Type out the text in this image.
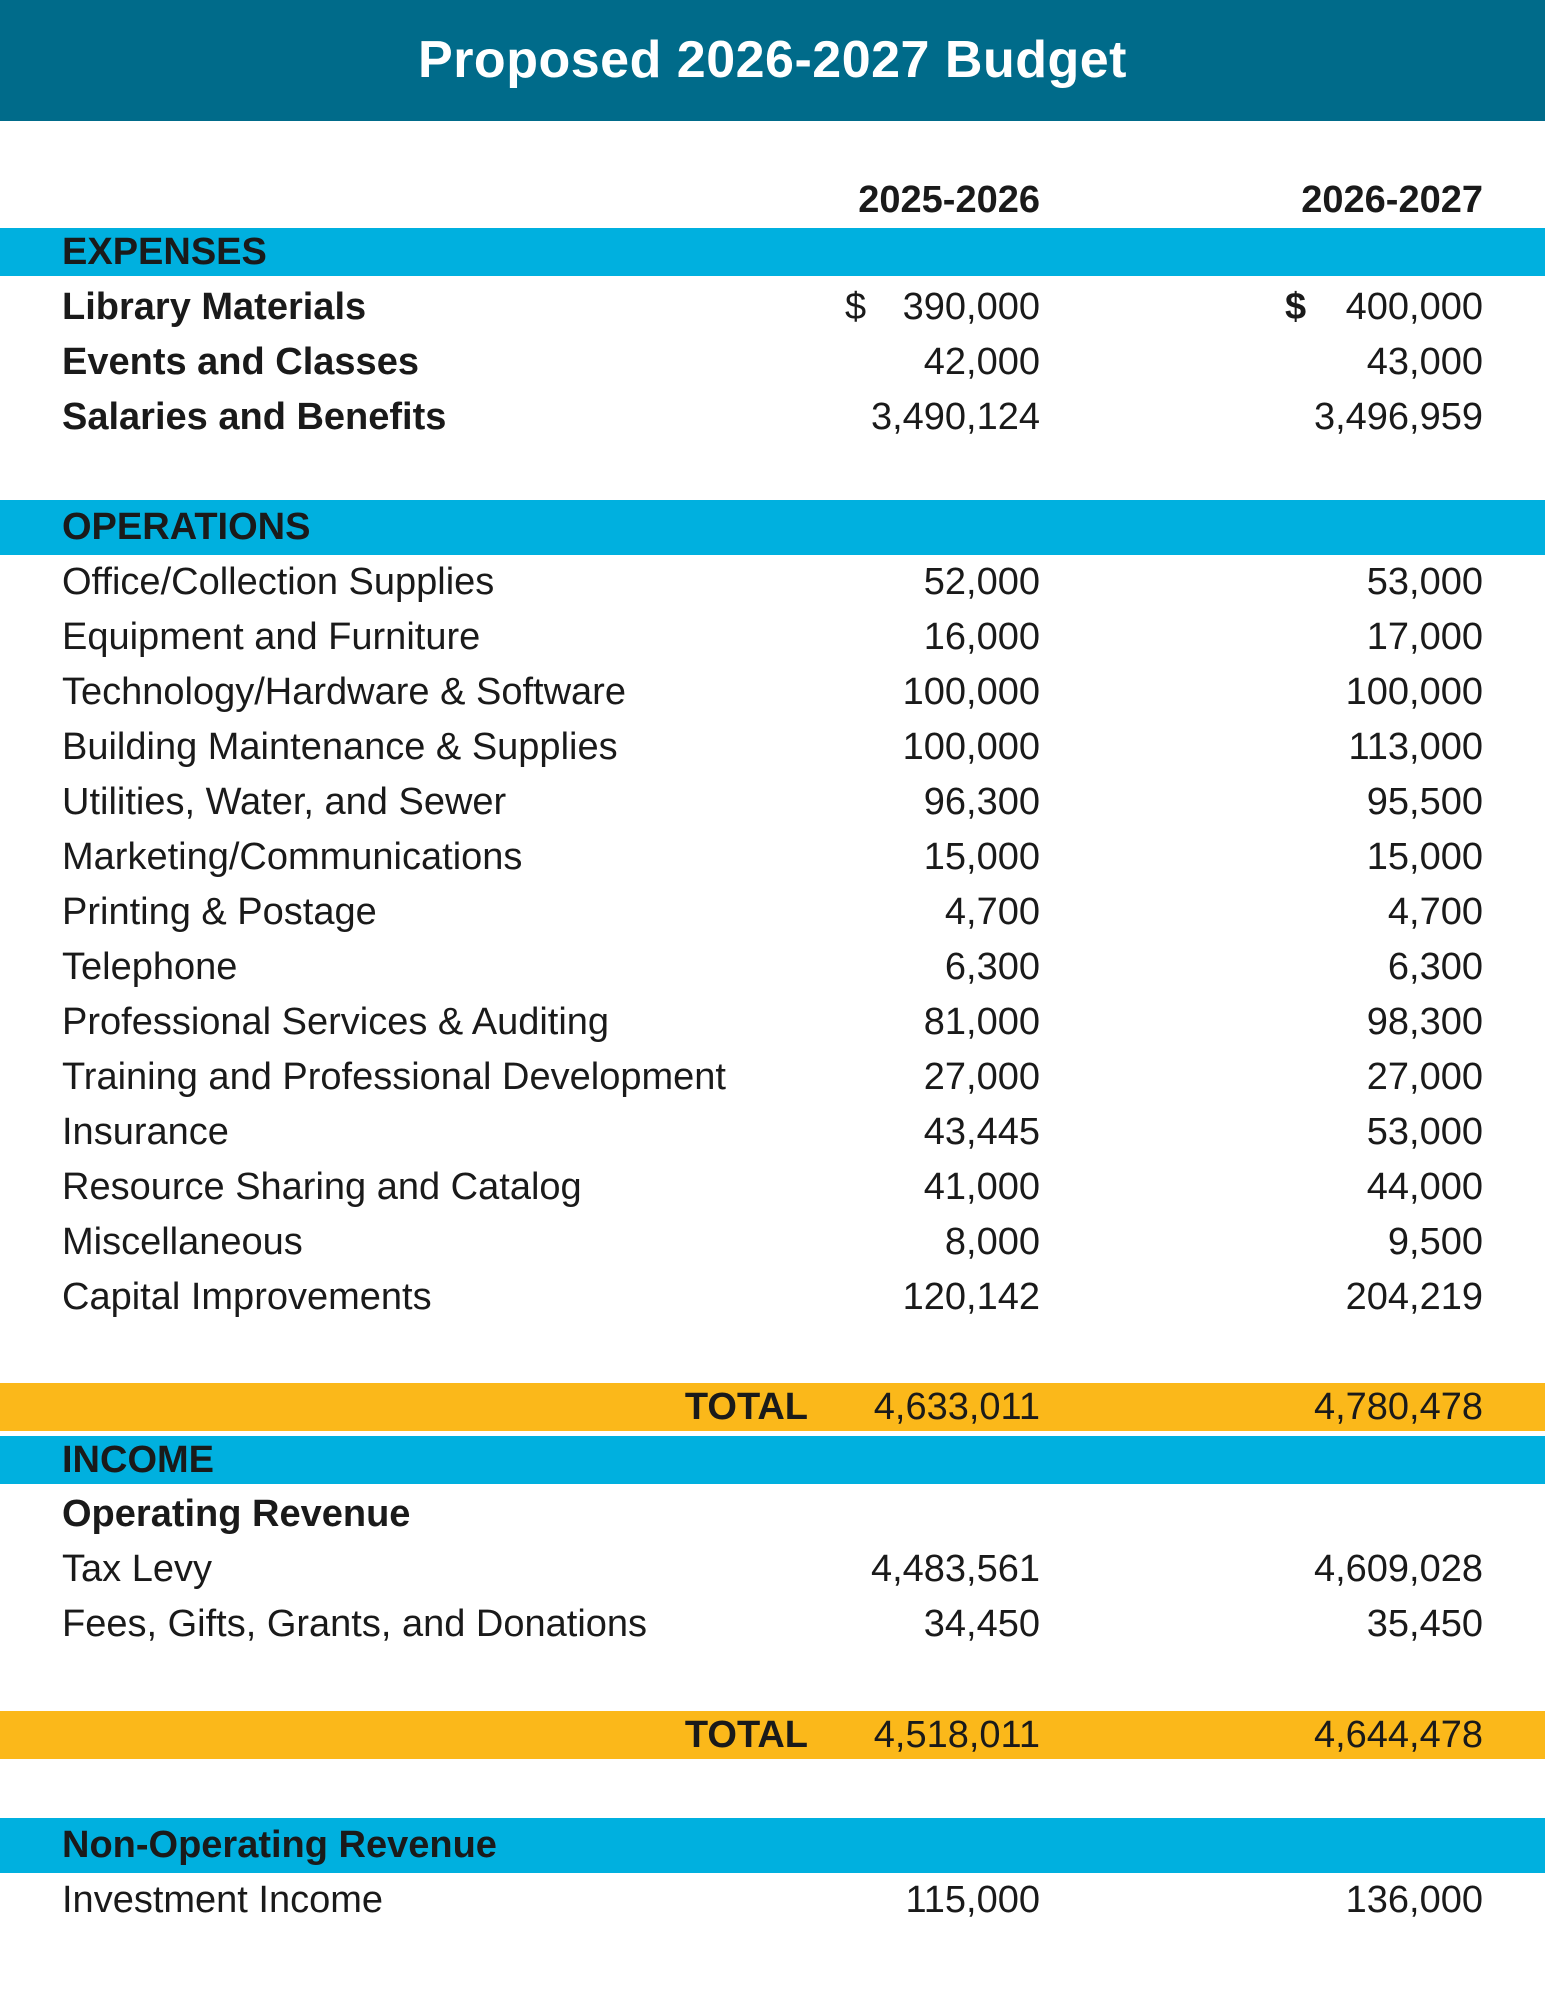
Proposed 2026-2027 Budget
2025-2026	2026-2027
EXPENSES
Library Materials	$ 390,000	$	400,000
Events and Classes	42,000	43,000
Salaries and Benefits	3,490,124	3,496,959
OPERATIONS
Office/Collection Supplies	52,000	53,000
Equipment and Furniture	16,000	17,000
Technology/Hardware & Software	100,000	100,000
Building Maintenance & Supplies	100,000	113,000
Utilities, Water, and Sewer	96,300	95,500
Marketing/Communications	15,000	15,000
Printing & Postage	4,700	4,700
Telephone	6,300	6,300
Professional Services & Auditing	81,000	98,300
Training and Professional Development	27,000	27,000
Insurance	43,445	53,000
Resource Sharing and Catalog	41,000	44,000
Miscellaneous	8,000	9,500
Capital Improvements	120,142	204,219
TOTAL	4,633,011	4,780,478
INCOME
Operating Revenue
Tax Levy	4,483,561	4,609,028
Fees, Gifts, Grants, and Donations	34,450	35,450
TOTAL	4,518,011	4,644,478
Non-Operating Revenue
Investment Income	115,000	136,000
